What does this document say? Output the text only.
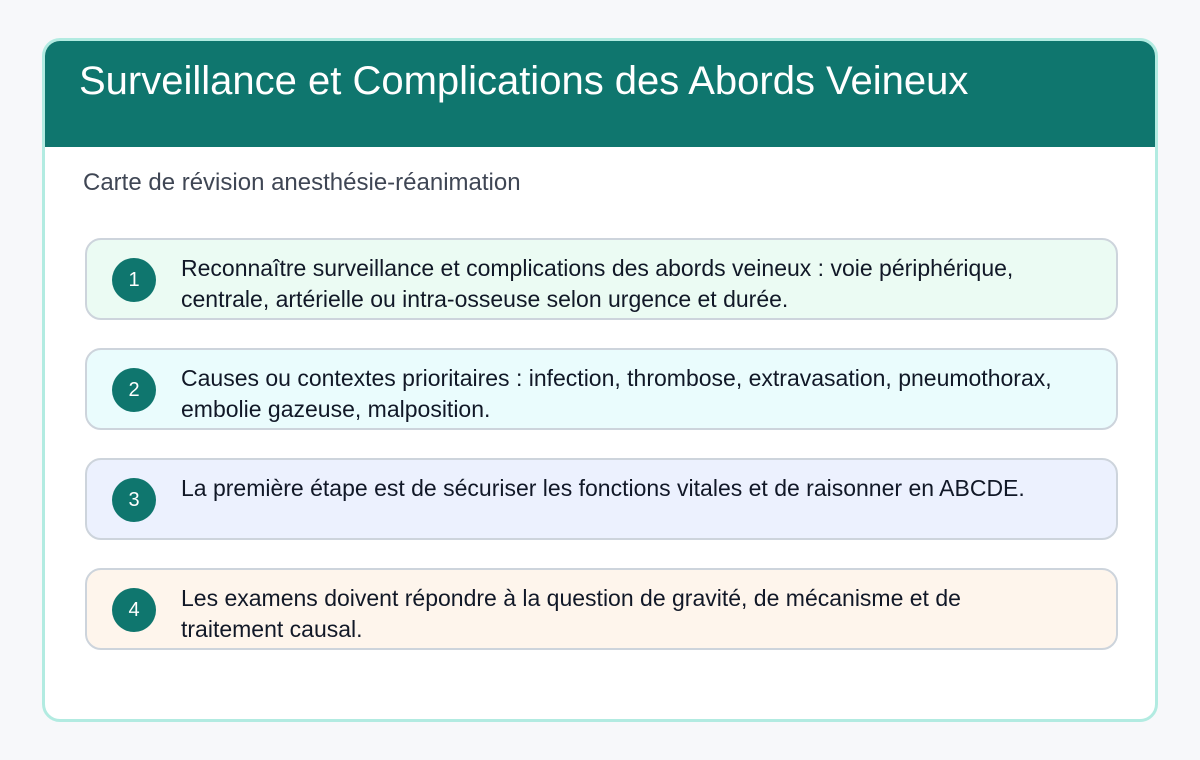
Surveillance et Complications des Abords Veineux

Carte de révision anesthésie-réanimation

1	Reconnaître surveillance et complications des abords veineux : voie périphérique, centrale, artérielle ou intra-osseuse selon urgence et durée.
2	Causes ou contextes prioritaires : infection, thrombose, extravasation, pneumothorax, embolie gazeuse, malposition.
3	La première étape est de sécuriser les fonctions vitales et de raisonner en ABCDE.
4	Les examens doivent répondre à la question de gravité, de mécanisme et de traitement causal.
